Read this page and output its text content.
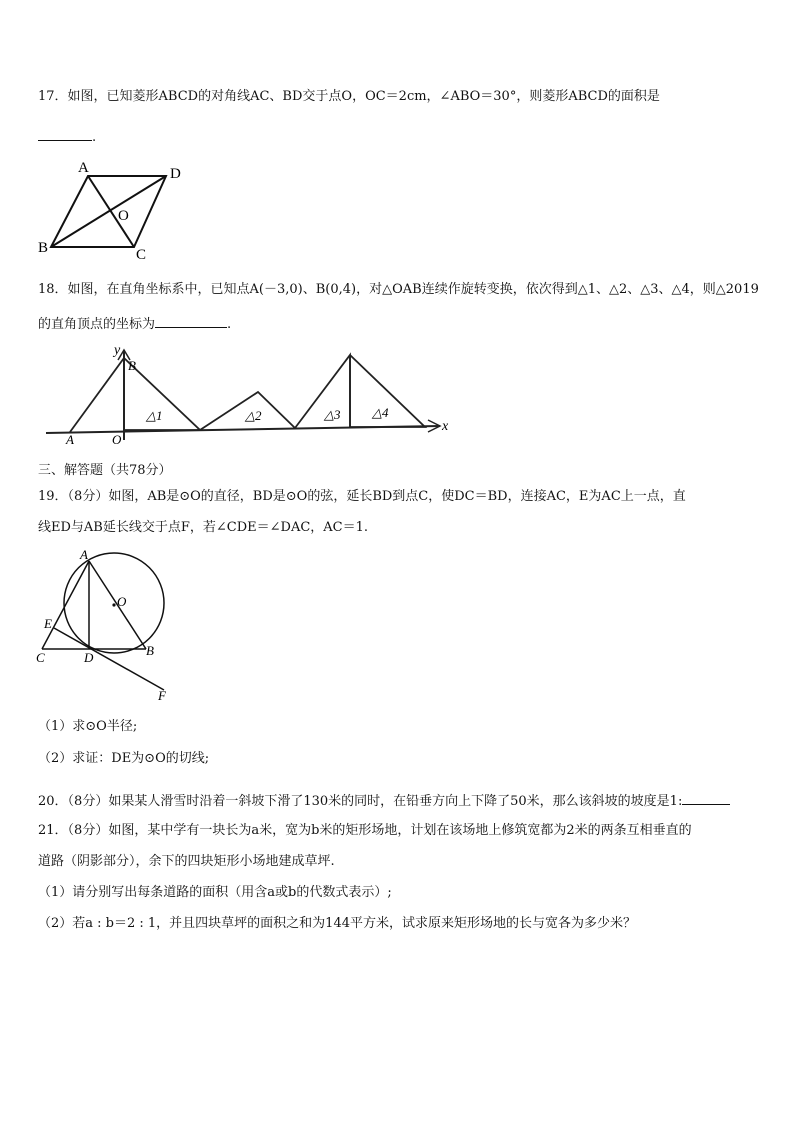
17．如图，已知菱形ABCD的对角线AC、BD交于点O，OC＝2cm，∠ABO＝30°，则菱形ABCD的面积是
.
A	D
O
B	C
18．如图，在直角坐标系中，已知点A(－3,0)、B(0,4)，对△OAB连续作旋转变换，依次得到△1、△2、△3、△4，则△2019
的直角顶点的坐标为	.
y
B
A	O
x
△1	△2	△3 △4
三、解答题（共78分）
19．（8分）如图，AB是⊙O的直径，BD是⊙O的弦，延长BD到点C，使DC＝BD，连接AC，E为AC上一点，直
线ED与AB延长线交于点F，若∠CDE＝∠DAC，AC＝1.
A
O
E
C	D	B
F
（1）求⊙O半径;
（2）求证：DE为⊙O的切线;
20．（8分）如果某人滑雪时沿着一斜坡下滑了130米的同时，在铅垂方向上下降了50米，那么该斜坡的坡度是1:
21．（8分）如图，某中学有一块长为a米，宽为b米的矩形场地，计划在该场地上修筑宽都为2米的两条互相垂直的
道路（阴影部分），余下的四块矩形小场地建成草坪.
（1）请分别写出每条道路的面积（用含a或b的代数式表示）;
（2）若a : b＝2 : 1，并且四块草坪的面积之和为144平方米，试求原来矩形场地的长与宽各为多少米？
